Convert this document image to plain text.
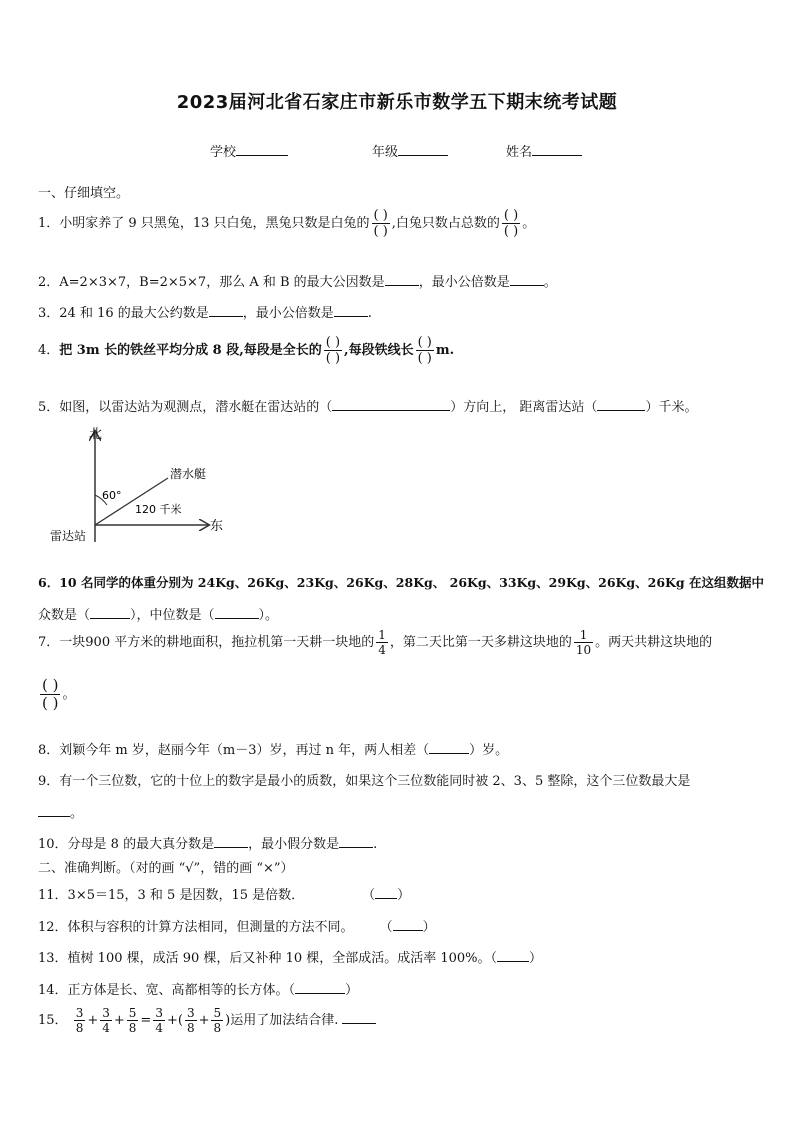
2023届河北省石家庄市新乐市数学五下期末统考试题
学校	年级	姓名
一、仔细填空。
1．小明家养了 9 只黑兔，13 只白兔，黑兔只数是白兔的 $\frac{( )}{( )}$ ,白兔只数占总数的 $\frac{( )}{( )}$ 。
2．A=2×3×7，B=2×5×7，那么 A 和 B 的最大公因数是	，最小公倍数是	。
3．24 和 16 的最大公约数是	，最小公倍数是	.
4．把 3m 长的铁丝平均分成 8 段,每段是全长的 $\frac{( )}{( )}$ ,每段铁线长 $\frac{( )}{( )} m$.
5．如图，以雷达站为观测点，潜水艇在雷达站的（	）方向上， 距离雷达站（	）千米。
北
东
雷达站
潜水艇
60°
120 千米
6．10 名同学的体重分别为 24Kg、26Kg、23Kg、26Kg、28Kg、 26Kg、33Kg、29Kg、26Kg、26Kg 在这组数据中
众数是（	），中位数是（	）。
7．一块900 平方米的耕地面积，拖拉机第一天耕一块地的 $\frac{1}{4}$ ，第二天比第一天多耕这块地的 $\frac{1}{10}$ 。两天共耕这块地的
$\frac{( )}{( )}$ 。
8．刘颖今年 m 岁，赵丽今年（m－3）岁，再过 n 年，两人相差（	）岁。
9．有一个三位数，它的十位上的数字是最小的质数，如果这个三位数能同时被 2、3、5 整除，这个三位数最大是
。
10．分母是 8 的最大真分数是	，最小假分数是	.
二、准确判断。（对的画 “√”，错的画 “×”）
11．3×5＝15，3 和 5 是因数，15 是倍数．	（ ）
12．体积与容积的计算方法相同，但測量的方法不同。 （ ）
13．植树 100 棵，成活 90 棵，后又补种 10 棵，全部成活。成活率 100%。（ ）
14．正方体是长、宽、高都相等的长方体。（	）
15． $\frac{3}{8} + \frac{3}{4} + \frac{5}{8} = \frac{3}{4}$ +( $\frac{3}{8} + \frac{5}{8}$ )运用了加法结合律.
